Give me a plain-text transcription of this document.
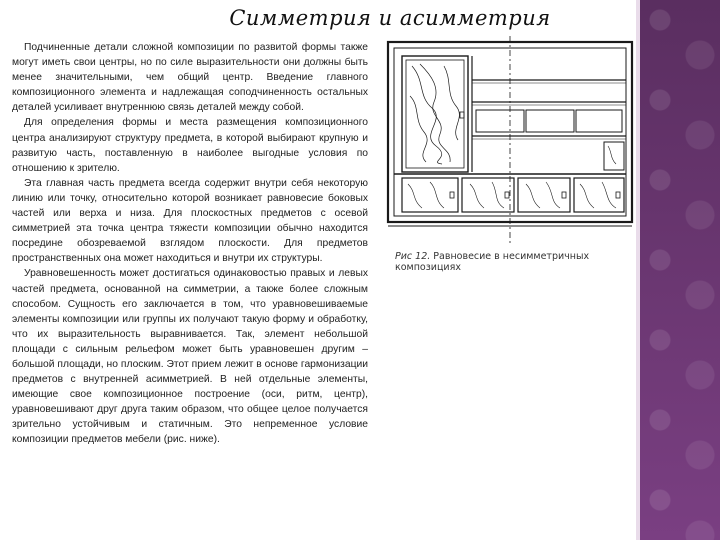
Симметрия и асимметрия

Подчиненные детали сложной композиции по развитой формы также могут иметь свои центры, но по силе выразительности они должны быть менее значительными, чем общий центр. Введение главного композиционного элемента и надлежащая соподчиненность остальных деталей усиливает внутреннюю связь деталей между собой.

Для определения формы и места размещения композиционного центра анализируют структуру предмета, в которой выбирают крупную и развитую часть, поставленную в наиболее выгодные условия по отношению к зрителю.

Эта главная часть предмета всегда содержит внутри себя некоторую линию или точку, относительно которой возникает равновесие боковых частей или верха и низа. Для плоскостных предметов с осевой симметрией эта точка центра тяжести композиции обычно находится посредине обозреваемой взглядом плоскости. Для предметов пространственных она может находиться и внутри их структуры.

Уравновешенность может достигаться одинаковостью правых и левых частей предмета, основанной на симметрии, а также более сложным способом. Сущность его заключается в том, что уравновешиваемые элементы композиции или группы их получают такую форму и обработку, что их выразительность выравнивается. Так, элемент небольшой площади с сильным рельефом может быть уравновешен другим – большой площади, но плоским. Этот прием лежит в основе гармонизации предметов с внутренней асимметрией. В ней отдельные элементы, имеющие свое композиционное построение (оси, ритм, центр), уравновешивают друг друга таким образом, что общее целое получается зрительно устойчивым и статичным. Это непременное условие композиции предметов мебели (рис. ниже).

Рис 12. Равновесие в несимметричных композициях
